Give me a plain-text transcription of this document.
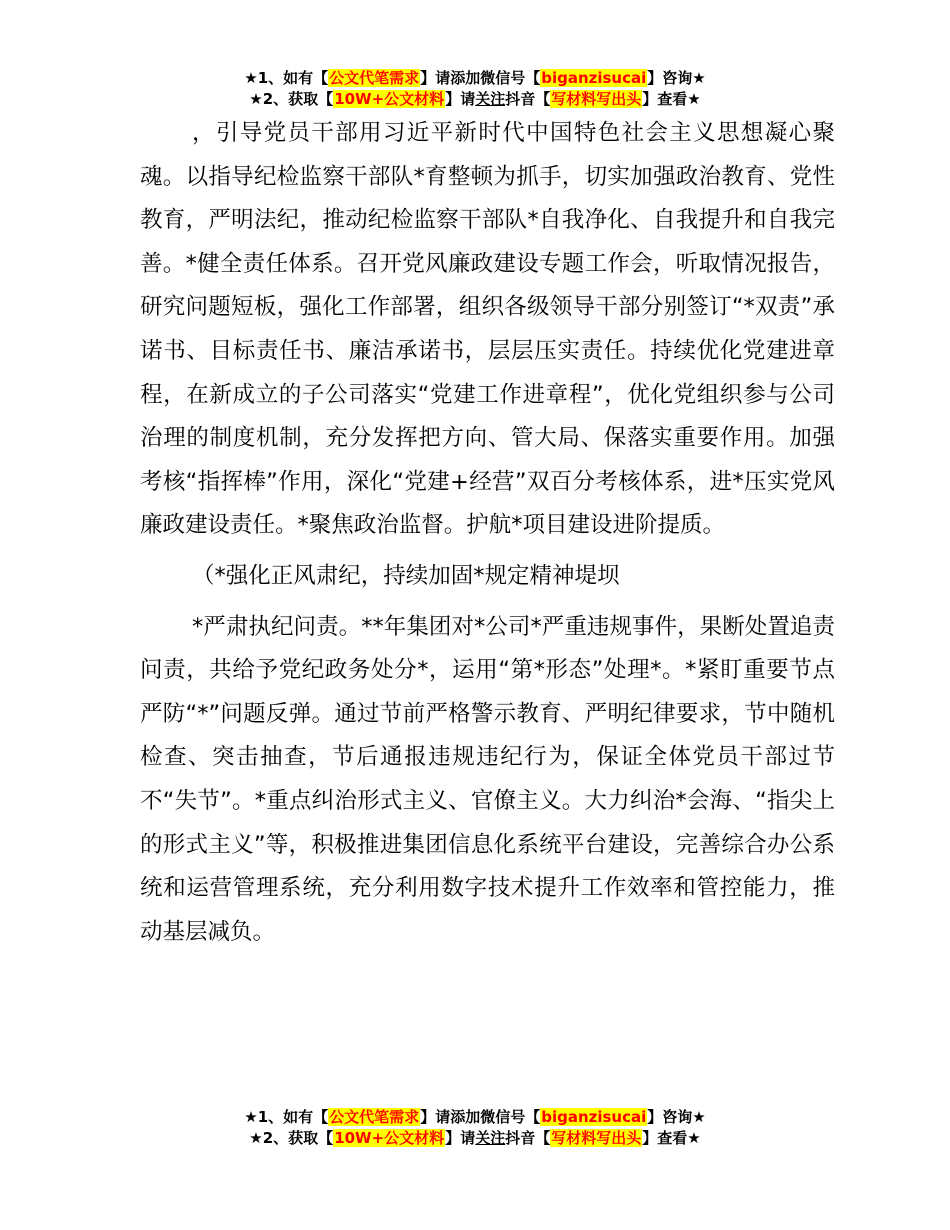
★1、如有【公文代笔需求】请添加微信号【biganzisucai】咨询★
★2、获取【10W+公文材料】请关注抖音【写材料写出头】查看★

，引导党员干部用习近平新时代中国特色社会主义思想凝心聚魂。以指导纪检监察干部队*育整顿为抓手，切实加强政治教育、党性教育，严明法纪，推动纪检监察干部队*自我净化、自我提升和自我完善。*健全责任体系。召开党风廉政建设专题工作会，听取情况报告，研究问题短板，强化工作部署，组织各级领导干部分别签订“*双责”承诺书、目标责任书、廉洁承诺书，层层压实责任。持续优化党建进章程，在新成立的子公司落实“党建工作进章程”，优化党组织参与公司治理的制度机制，充分发挥把方向、管大局、保落实重要作用。加强考核“指挥棒”作用，深化“党建+经营”双百分考核体系，进*压实党风廉政建设责任。*聚焦政治监督。护航*项目建设进阶提质。

（*强化正风肃纪，持续加固*规定精神堤坝

*严肃执纪问责。**年集团对*公司*严重违规事件，果断处置追责问责，共给予党纪政务处分*，运用“第*形态”处理*。*紧盯重要节点严防“*”问题反弹。通过节前严格警示教育、严明纪律要求，节中随机检查、突击抽查，节后通报违规违纪行为，保证全体党员干部过节不“失节”。*重点纠治形式主义、官僚主义。大力纠治*会海、“指尖上的形式主义”等，积极推进集团信息化系统平台建设，完善综合办公系统和运营管理系统，充分利用数字技术提升工作效率和管控能力，推动基层减负。

★1、如有【公文代笔需求】请添加微信号【biganzisucai】咨询★
★2、获取【10W+公文材料】请关注抖音【写材料写出头】查看★
